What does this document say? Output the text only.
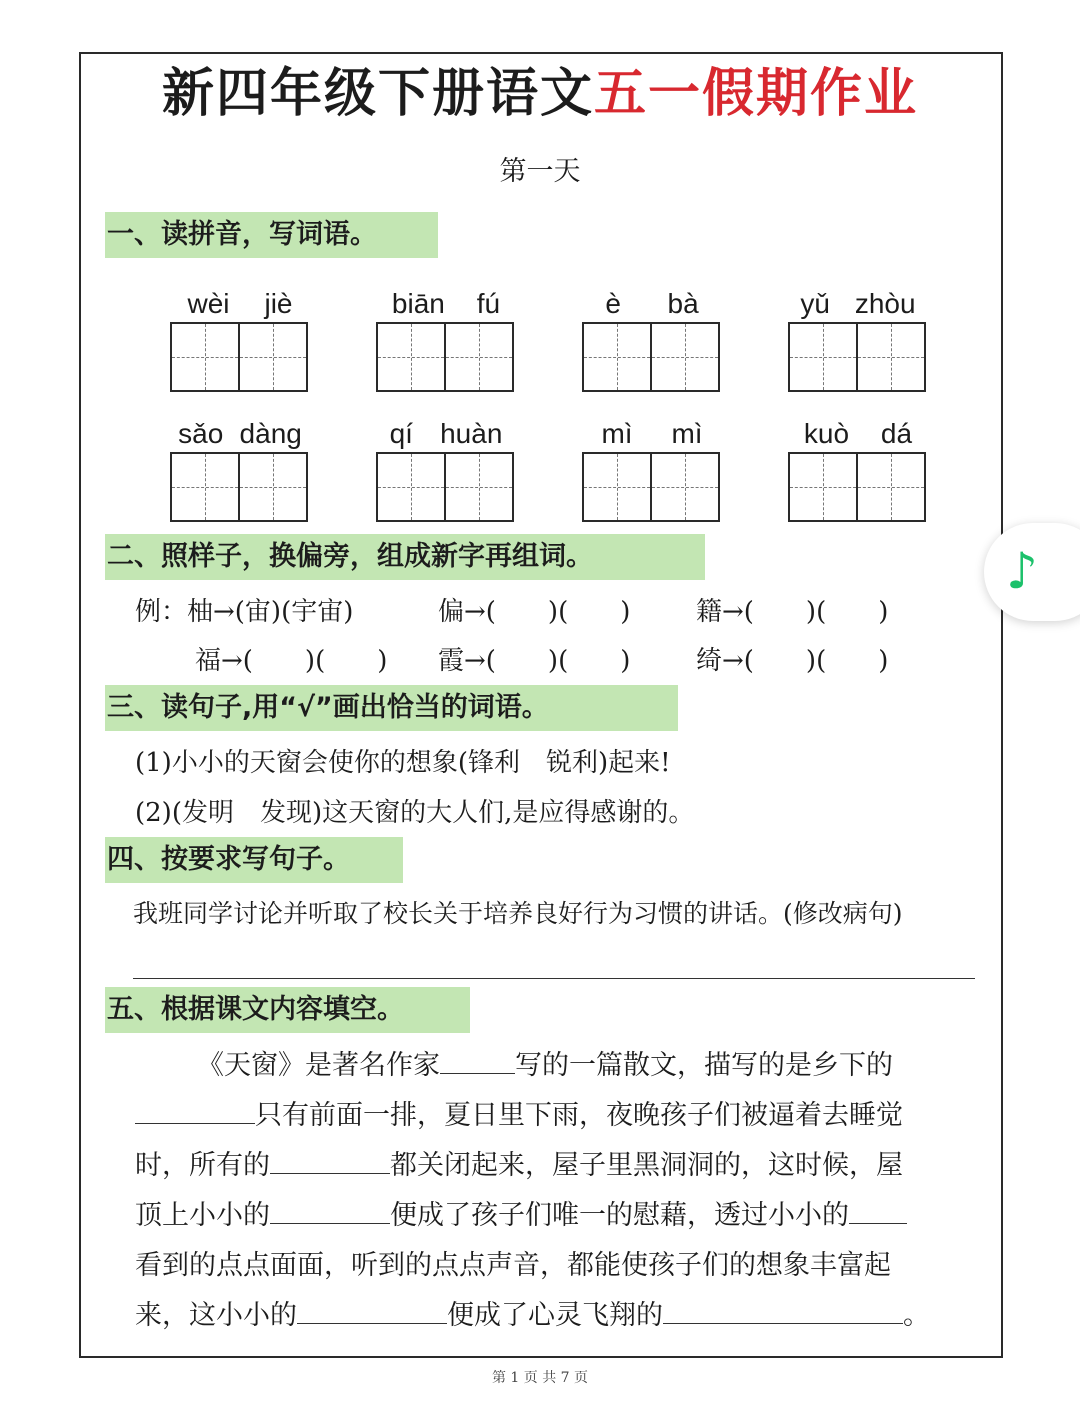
新四年级下册语文五一假期作业
第一天
一、读拼音，写词语。
wèi jiè	biān fú	è bà	yǔ zhòu
sǎo dàng	qí huàn	mì mì	kuò dá
二、照样子，换偏旁，组成新字再组词。
例：柚→(宙)(宇宙)	偏→(　　)(　　)	籍→(　　)(　　)
福→(　　)(　　) 霞→(　　)(　　)	绮→(　　)(　　)
三、读句子,用“√”画出恰当的词语。
(1)小小的天窗会使你的想象(锋利　锐利)起来!
(2)(发明　发现)这天窗的大人们,是应得感谢的。
四、按要求写句子。
我班同学讨论并听取了校长关于培养良好行为习惯的讲话。(修改病句)
五、根据课文内容填空。
《天窗》是著名作家	写的一篇散文，描写的是乡下的
只有前面一排，夏日里下雨，夜晚孩子们被逼着去睡觉
时，所有的	都关闭起来，屋子里黑洞洞的，这时候，屋
顶上小小的	便成了孩子们唯一的慰藉，透过小小的
看到的点点面面，听到的点点声音，都能使孩子们的想象丰富起
来，这小小的	便成了心灵飞翔的	。
第 1 页 共 7 页
♪
